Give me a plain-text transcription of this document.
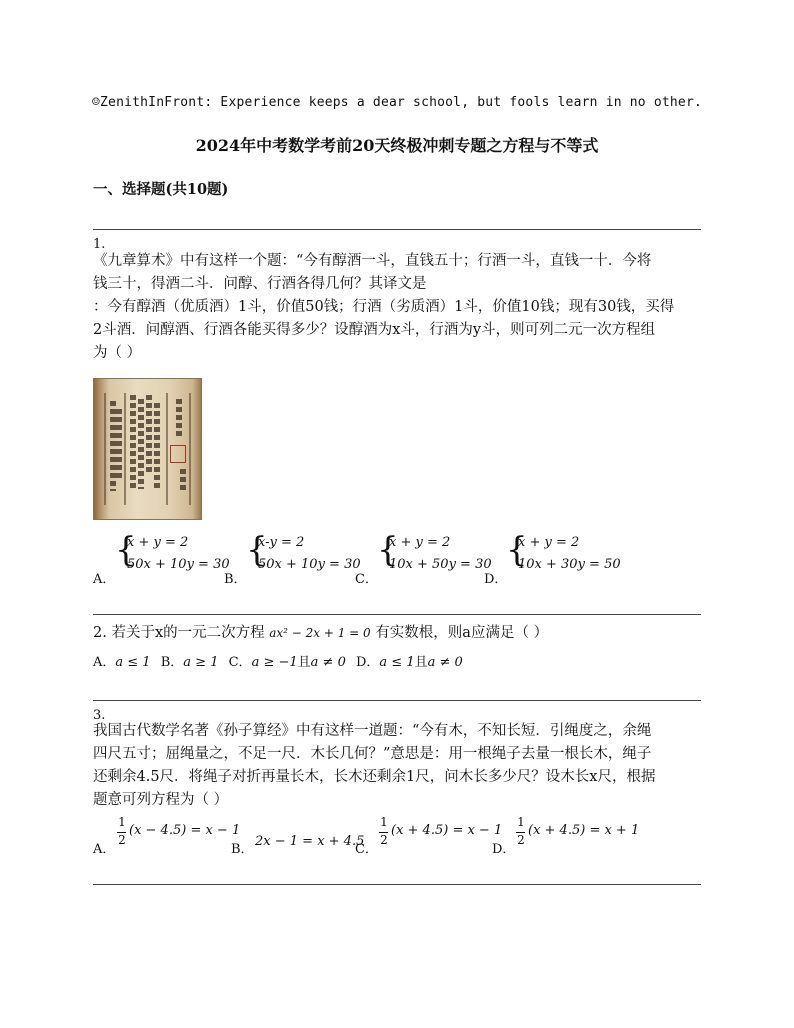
☺ZenithInFront: Experience keeps a dear school, but fools learn in no other.
2024年中考数学考前20天终极冲刺专题之方程与不等式
一、选择题(共10题)
1.
《九章算术》中有这样一个题：“今有醇酒一斗，直钱五十；行酒一斗，直钱一十．今将
钱三十，得酒二斗．问醇、行酒各得几何？其译文是
：今有醇酒（优质酒）1斗，价值50钱；行酒（劣质酒）1斗，价值10钱；现有30钱，买得
2斗酒．问醇酒、行酒各能买得多少？设醇酒为x斗，行酒为y斗，则可列二元一次方程组
为（ ）
A．
{
x + y = 2
50x + 10y = 30
B．
{
x-y = 2
50x + 10y = 30
C．
{
x + y = 2
10x + 50y = 30
D．
{
x + y = 2
10x + 30y = 50
2. 若关于x的一元二次方程 ax² − 2x + 1 = 0 有实数根，则a应满足（ ）
A．a ≤ 1 B．a ≥ 1 C．a ≥ −1且a ≠ 0 D．a ≤ 1且a ≠ 0
3.
我国古代数学名著《孙子算经》中有这样一道题：“今有木，不知长短．引绳度之，余绳
四尺五寸；屈绳量之，不足一尺．木长几何？”意思是：用一根绳子去量一根长木，绳子
还剩余4.5尺．将绳子对折再量长木，长木还剩余1尺，问木长多少尺？设木长x尺，根据
题意可列方程为（ ）
A．
1
2
(x − 4.5) = x − 1
B．
2x − 1 = x + 4.5
C．
1
2
(x + 4.5) = x − 1
D．
1
2
(x + 4.5) = x + 1
